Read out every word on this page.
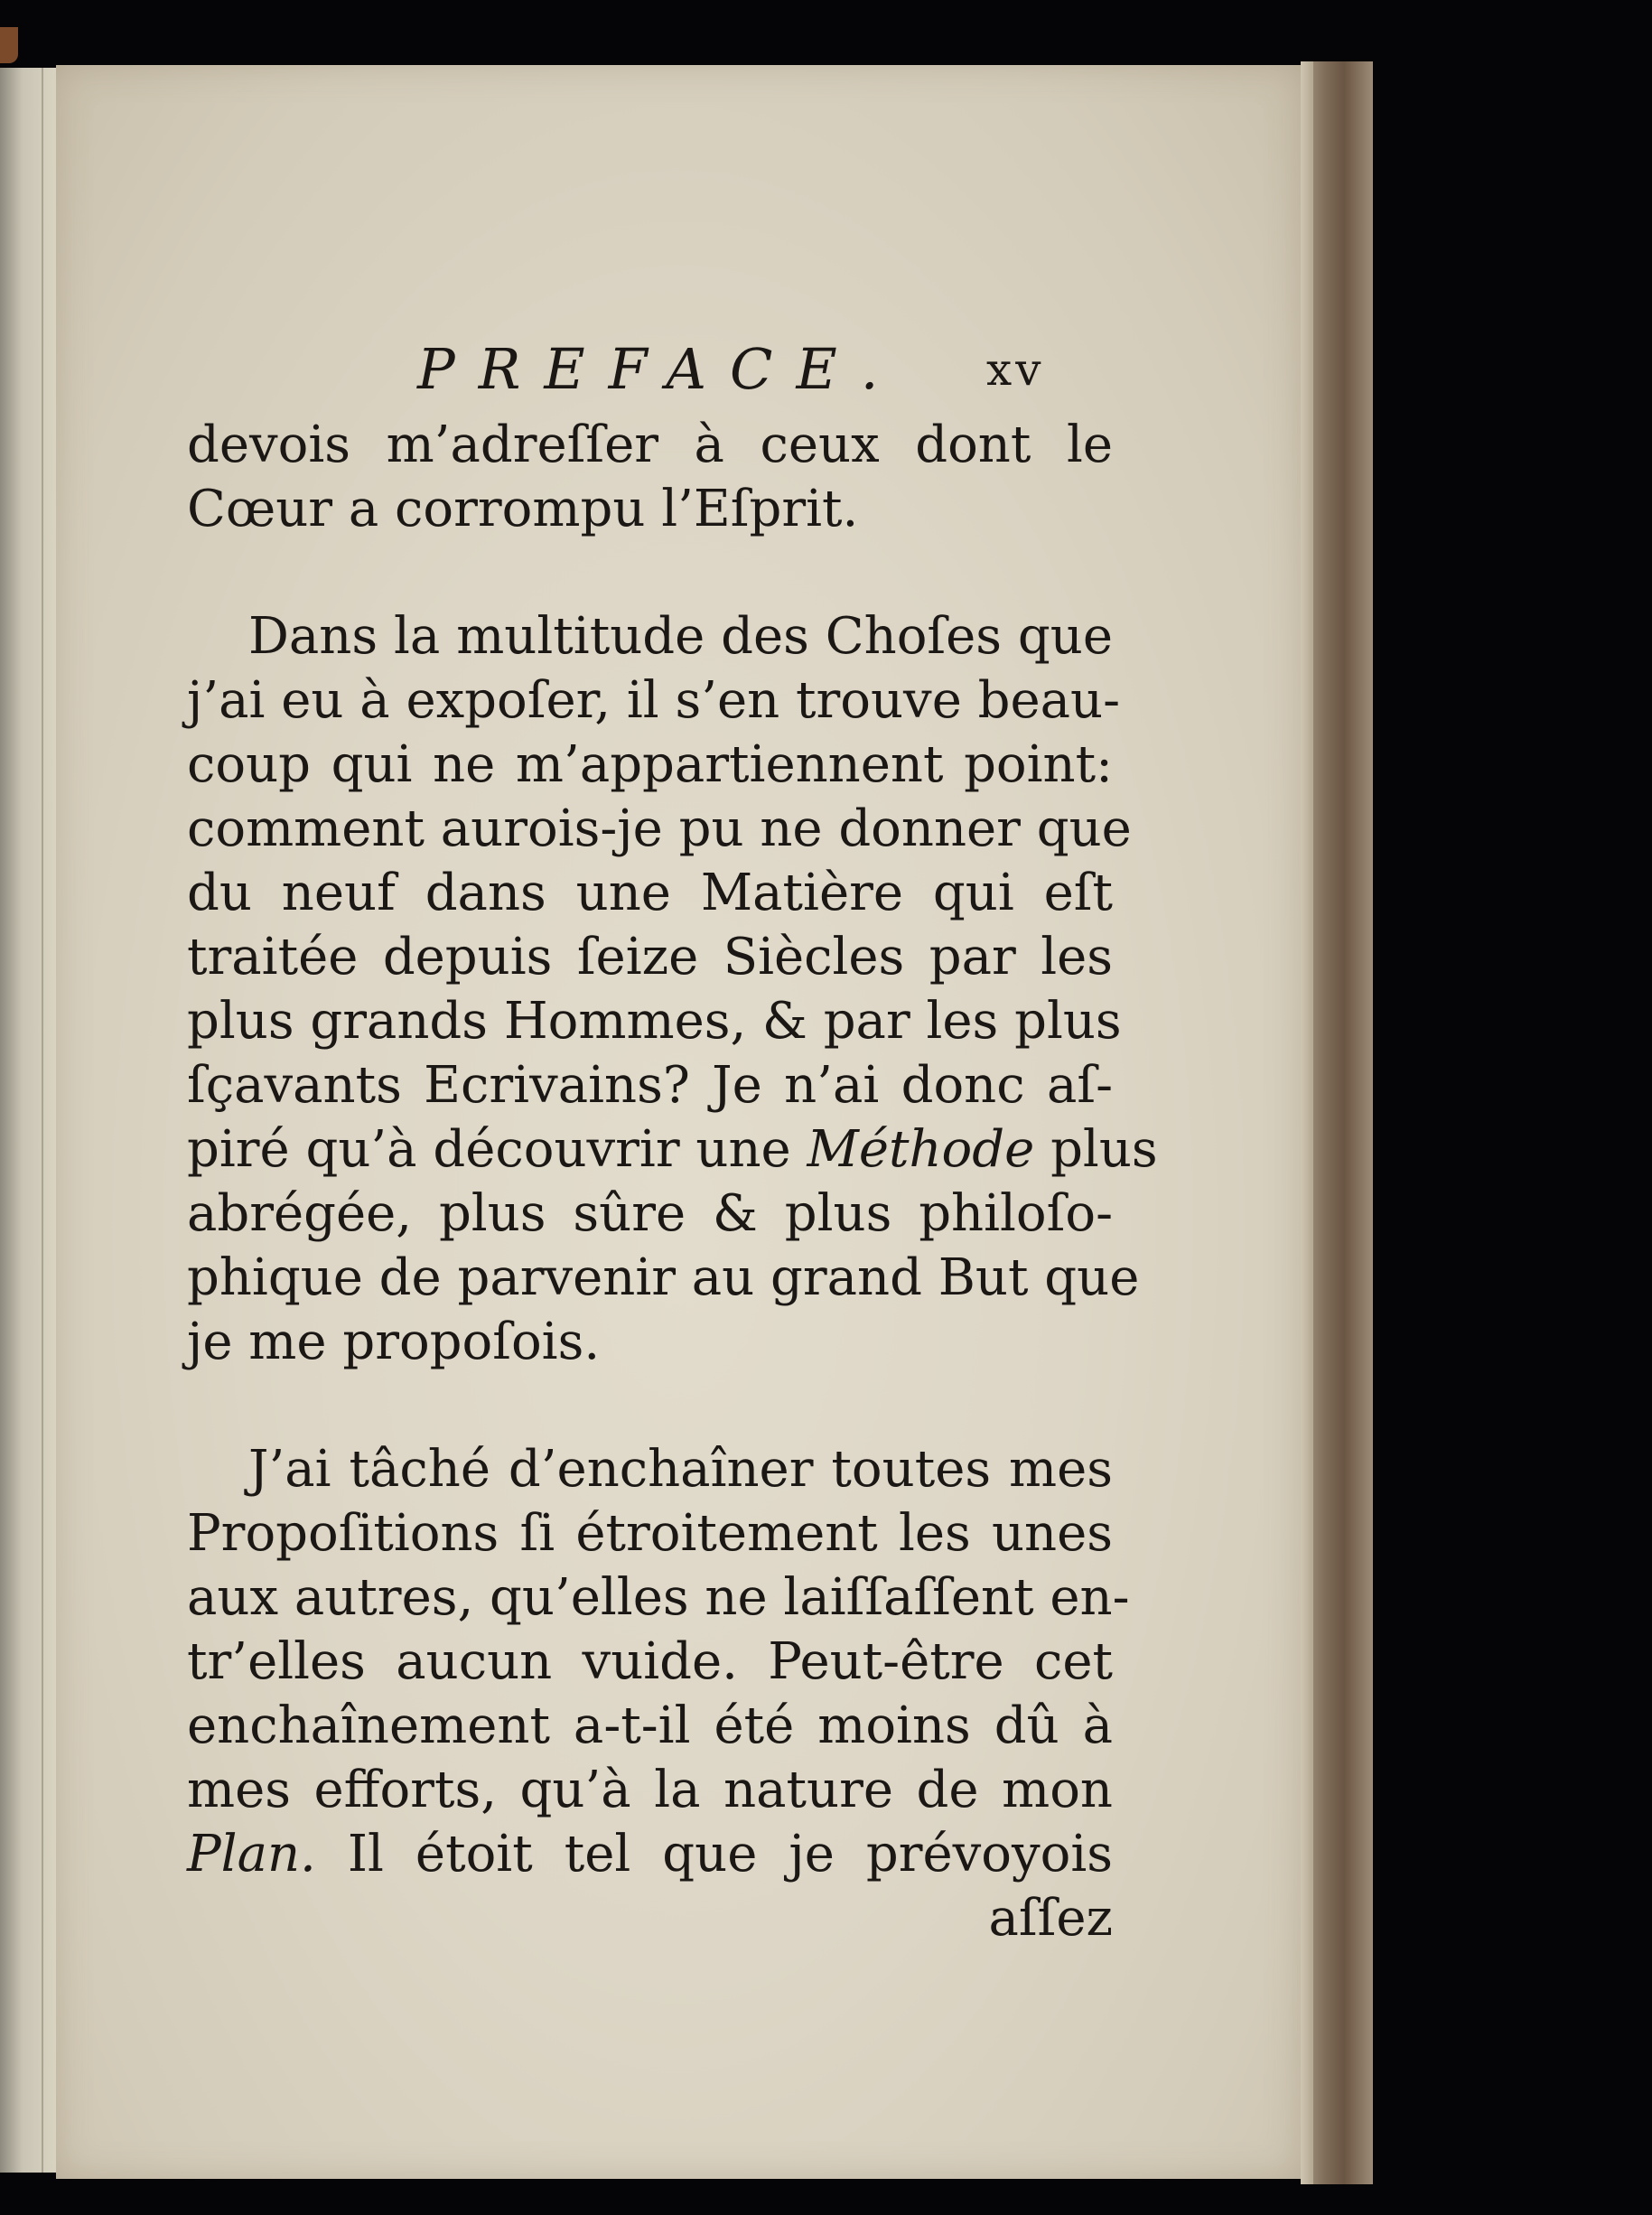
PREFACE. xv
devois m’adreſſer à ceux dont le
Cœur a corrompu l’Eſprit.
Dans la multitude des Choſes que
j’ai eu à expoſer, il s’en trouve beau-
coup qui ne m’appartiennent point:
comment aurois-je pu ne donner que
du neuf dans une Matière qui eſt
traitée depuis ſeize Siècles par les
plus grands Hommes, & par les plus
ſçavants Ecrivains? Je n’ai donc aſ-
piré qu’à découvrir une Méthode plus
abrégée, plus sûre & plus philoſo-
phique de parvenir au grand But que
je me propoſois.
J’ai tâché d’enchaîner toutes mes
Propoſitions ſi étroitement les unes
aux autres, qu’elles ne laiſſaſſent en-
tr’elles aucun vuide. Peut-être cet
enchaînement a-t-il été moins dû à
mes efforts, qu’à la nature de mon
Plan. Il étoit tel que je prévoyois
aſſez
